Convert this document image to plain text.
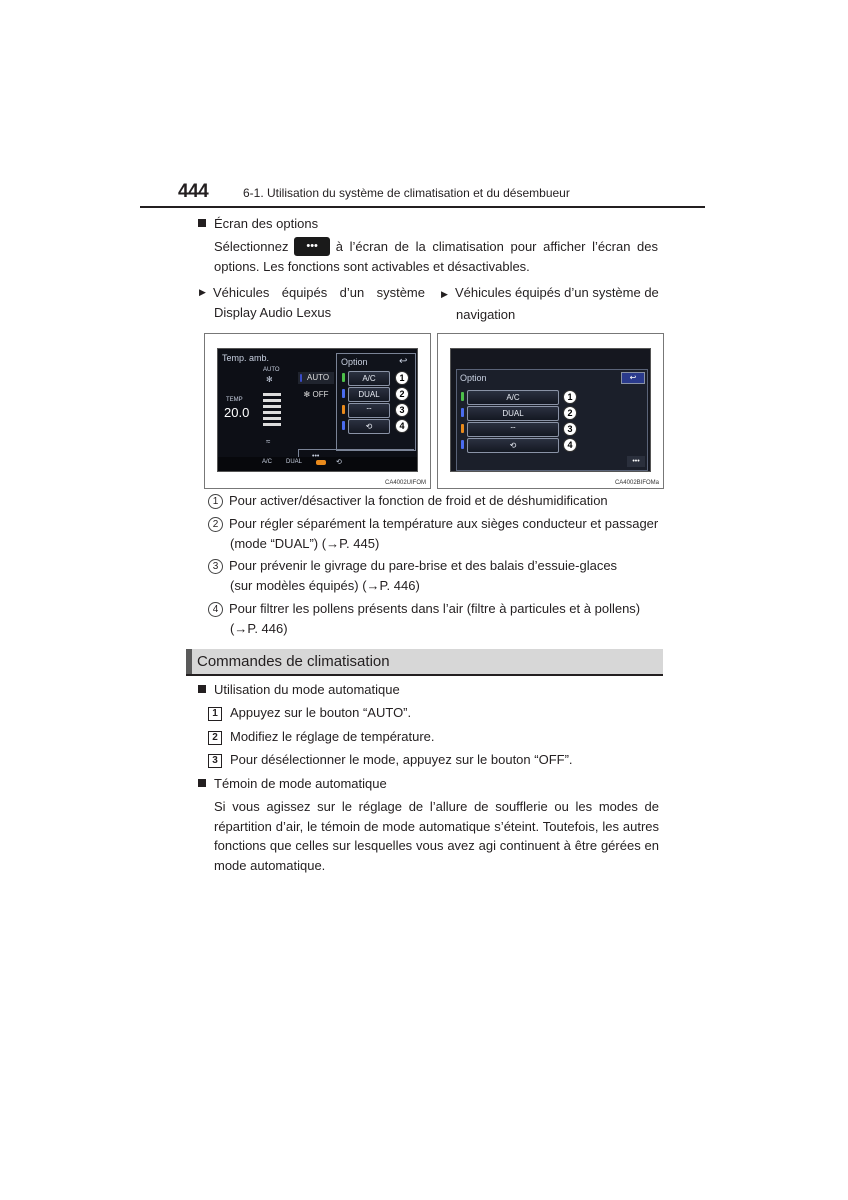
444	6-1. Utilisation du système de climatisation et du désembueur
Écran des options
Sélectionnez	•••	à l’écran de la climatisation pour afficher l’écran des
options. Les fonctions sont activables et désactivables.
▶ Véhicules équipés d’un système
Display Audio Lexus
▶ Véhicules équipés d’un système de
navigation
Temp. amb.
AUTO
TEMP
20.0
✻
≈
AUTO
✻ OFF
Option	↩
A/C
DUAL
⌔
⟲
1
2
3
4
A/C DUAL	⟲
CA4002UIFOM
Option	↩
A/C
DUAL
⌔
⟲
1
2
3
4
•••
CA4002BIFOMa
1 Pour activer/désactiver la fonction de froid et de déshumidification
2 Pour régler séparément la température aux sièges conducteur et passager
(mode “DUAL”) (→P. 445)
3 Pour prévenir le givrage du pare-brise et des balais d’essuie-glaces
(sur modèles équipés) (→P. 446)
4 Pour filtrer les pollens présents dans l’air (filtre à particules et à pollens)
(→P. 446)
Commandes de climatisation
Utilisation du mode automatique
1 Appuyez sur le bouton “AUTO”.
2 Modifiez le réglage de température.
3 Pour désélectionner le mode, appuyez sur le bouton “OFF”.
Témoin de mode automatique
Si vous agissez sur le réglage de l’allure de soufflerie ou les modes de
répartition d’air, le témoin de mode automatique s’éteint. Toutefois, les autres
fonctions que celles sur lesquelles vous avez agi continuent à être gérées en
mode automatique.
